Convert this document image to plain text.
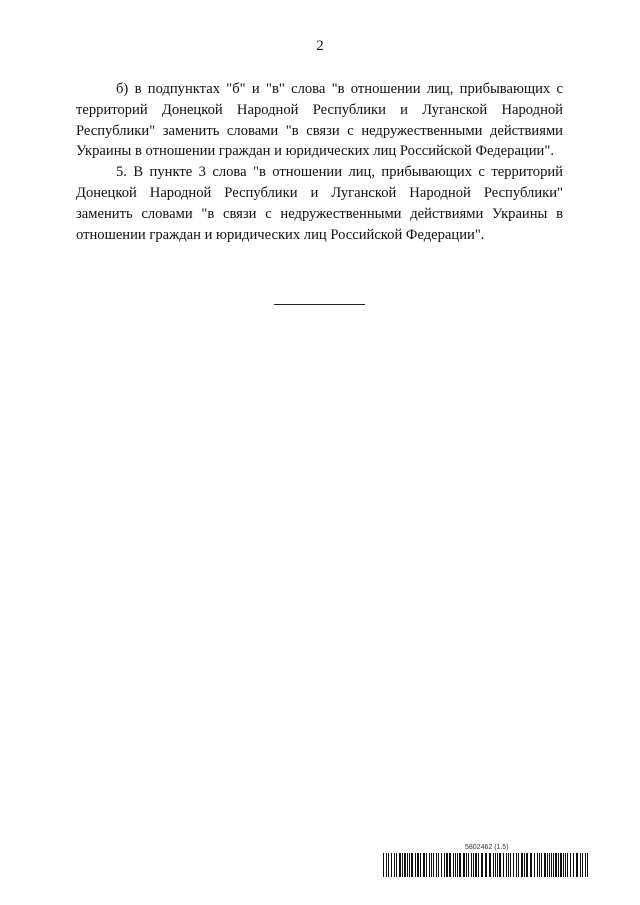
2

б) в подпунктах "б" и "в" слова "в отношении лиц, прибывающих с территорий Донецкой Народной Республики и Луганской Народной Республики" заменить словами "в связи с недружественными действиями Украины в отношении граждан и юридических лиц Российской Федерации".

5. В пункте 3 слова "в отношении лиц, прибывающих с территорий Донецкой Народной Республики и Луганской Народной Республики" заменить словами "в связи с недружественными действиями Украины в отношении граждан и юридических лиц Российской Федерации".

5802462 (1.5)
